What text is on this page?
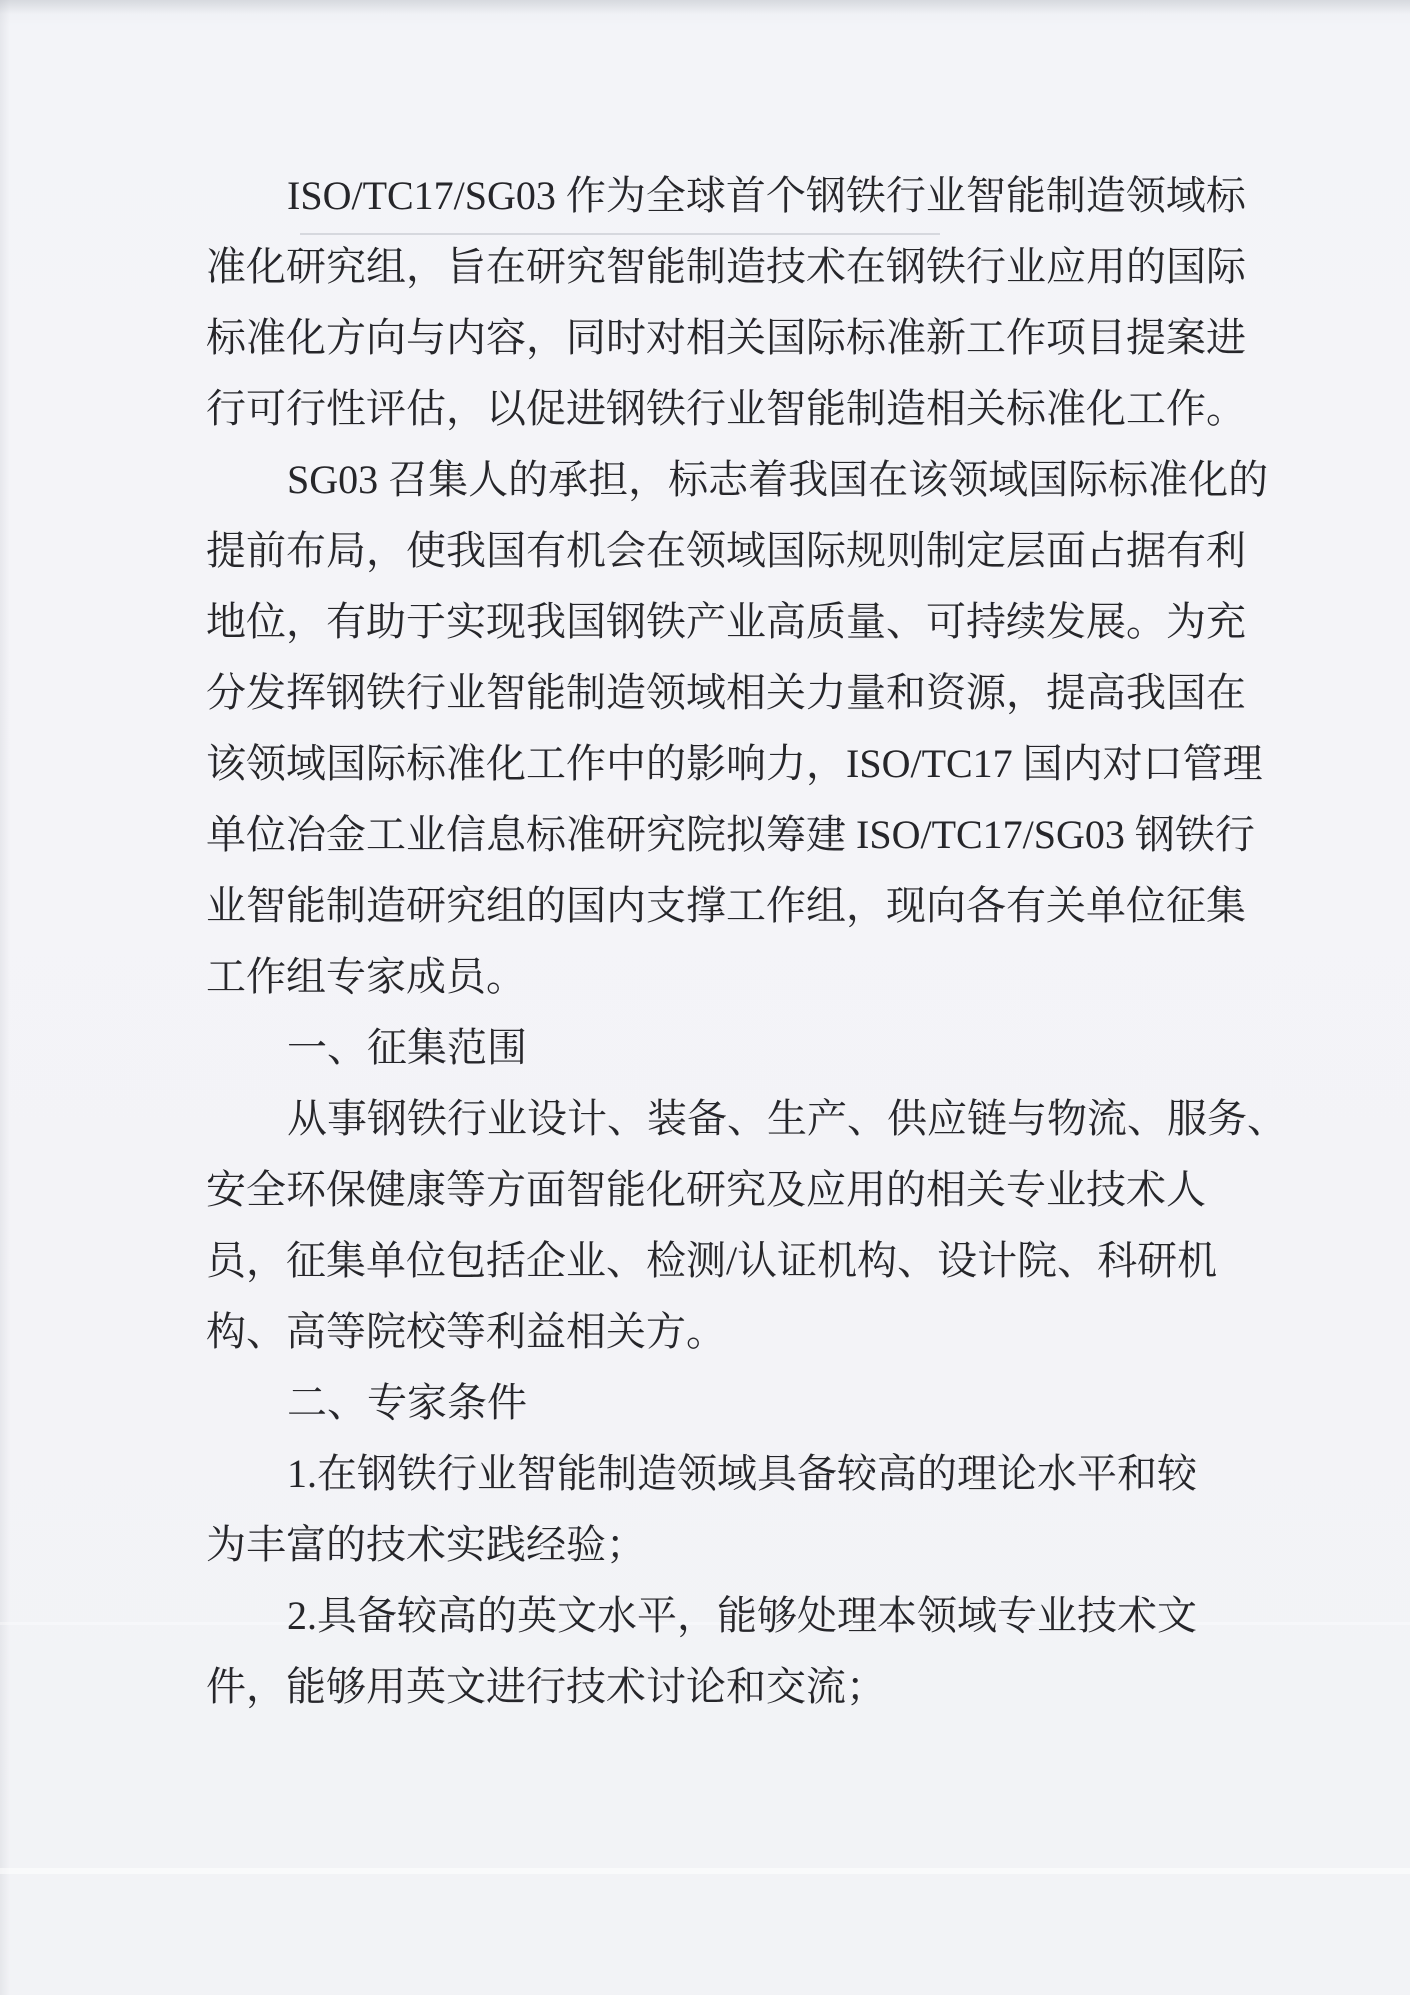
ISO/TC17/SG03 作为全球首个钢铁行业智能制造领域标
准化研究组，旨在研究智能制造技术在钢铁行业应用的国际
标准化方向与内容，同时对相关国际标准新工作项目提案进
行可行性评估，以促进钢铁行业智能制造相关标准化工作。

SG03 召集人的承担，标志着我国在该领域国际标准化的
提前布局，使我国有机会在领域国际规则制定层面占据有利
地位，有助于实现我国钢铁产业高质量、可持续发展。为充
分发挥钢铁行业智能制造领域相关力量和资源，提高我国在
该领域国际标准化工作中的影响力，ISO/TC17 国内对口管理
单位冶金工业信息标准研究院拟筹建 ISO/TC17/SG03 钢铁行
业智能制造研究组的国内支撑工作组，现向各有关单位征集
工作组专家成员。

一、征集范围

从事钢铁行业设计、装备、生产、供应链与物流、服务、
安全环保健康等方面智能化研究及应用的相关专业技术人
员，征集单位包括企业、检测/认证机构、设计院、科研机
构、高等院校等利益相关方。

二、专家条件

1.在钢铁行业智能制造领域具备较高的理论水平和较
为丰富的技术实践经验；

2.具备较高的英文水平，能够处理本领域专业技术文
件，能够用英文进行技术讨论和交流；
